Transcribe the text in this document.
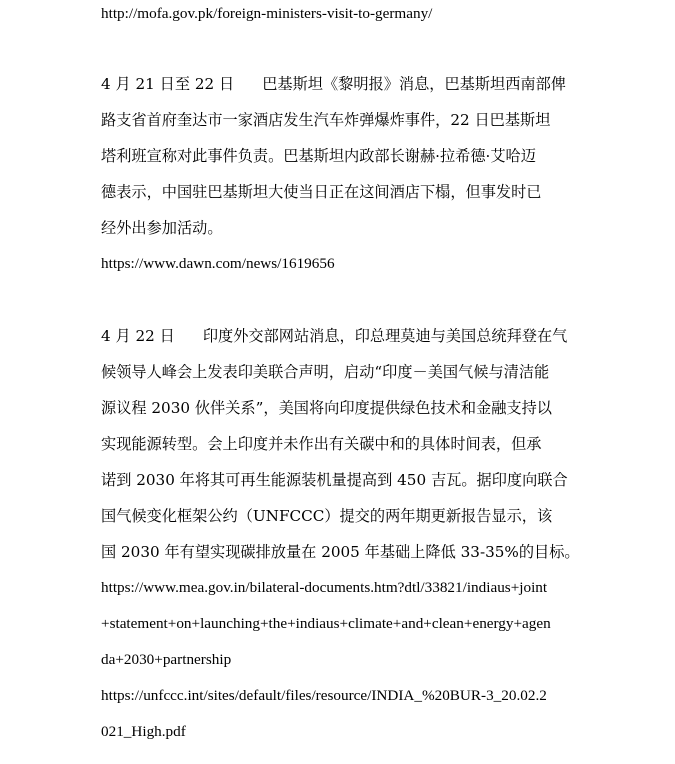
http://mofa.gov.pk/foreign-ministers-visit-to-germany/
4 月 21 日至 22 日 巴基斯坦《黎明报》消息，巴基斯坦西南部俾
路支省首府奎达市一家酒店发生汽车炸弹爆炸事件，22 日巴基斯坦
塔利班宣称对此事件负责。巴基斯坦内政部长谢赫·拉希德·艾哈迈
德表示，中国驻巴基斯坦大使当日正在这间酒店下榻，但事发时已
经外出参加活动。
https://www.dawn.com/news/1619656
4 月 22 日 印度外交部网站消息，印总理莫迪与美国总统拜登在气
候领导人峰会上发表印美联合声明，启动“印度－美国气候与清洁能
源议程 2030 伙伴关系”，美国将向印度提供绿色技术和金融支持以
实现能源转型。会上印度并未作出有关碳中和的具体时间表，但承
诺到 2030 年将其可再生能源装机量提高到 450 吉瓦。据印度向联合
国气候变化框架公约（UNFCCC）提交的两年期更新报告显示，该
国 2030 年有望实现碳排放量在 2005 年基础上降低 33-35%的目标。
https://www.mea.gov.in/bilateral-documents.htm?dtl/33821/indiaus+joint
+statement+on+launching+the+indiaus+climate+and+clean+energy+agen
da+2030+partnership
https://unfccc.int/sites/default/files/resource/INDIA_%20BUR-3_20.02.2
021_High.pdf
